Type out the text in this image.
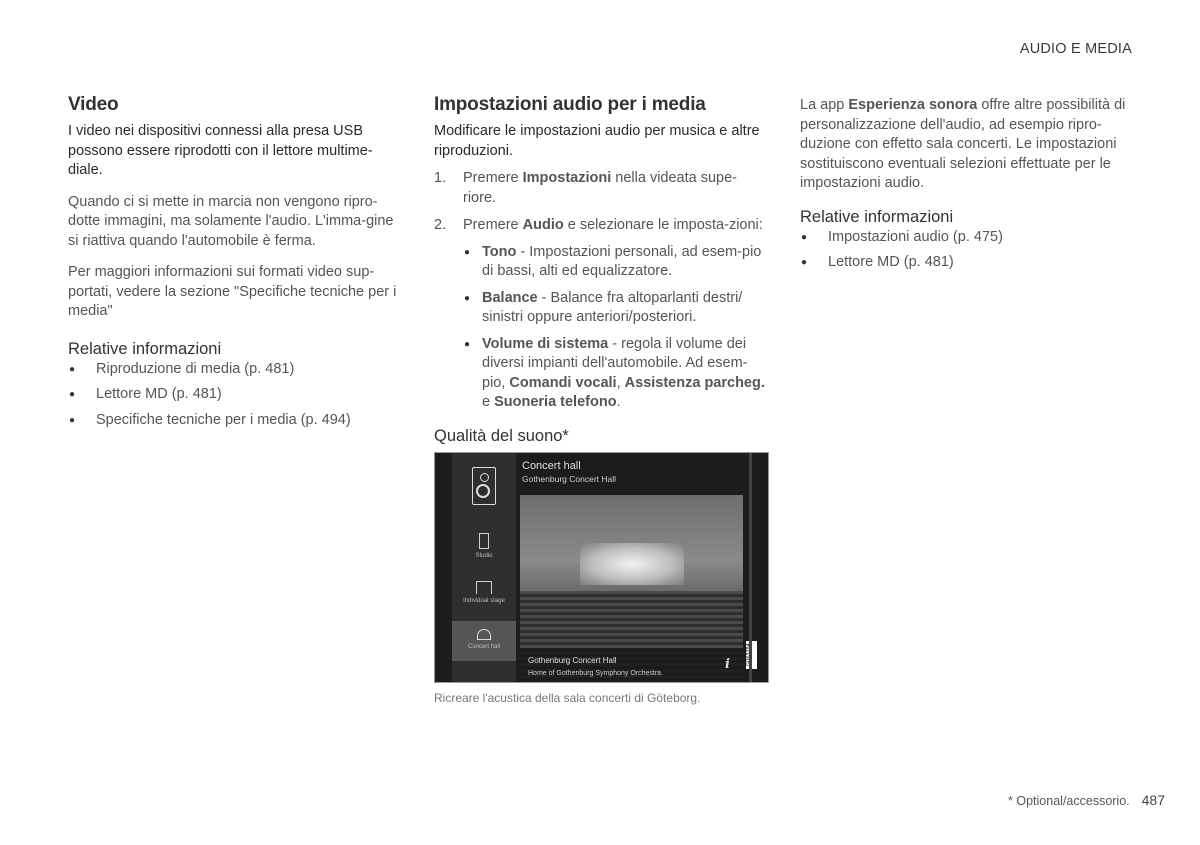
AUDIO E MEDIA
Video

I video nei dispositivi connessi alla presa USB possono essere riprodotti con il lettore multime-diale.

Quando ci si mette in marcia non vengono ripro-dotte immagini, ma solamente l'audio. L'imma-gine si riattiva quando l'automobile è ferma.

Per maggiori informazioni sui formati video sup-portati, vedere la sezione "Specifiche tecniche per i media"

Relative informazioni
● Riproduzione di media (p. 481)
● Lettore MD (p. 481)
● Specifiche tecniche per i media (p. 494)
Impostazioni audio per i media

Modificare le impostazioni audio per musica e altre riproduzioni.

1. Premere Impostazioni nella videata supe-riore.
2. Premere Audio e selezionare le imposta-zioni:
● Tono - Impostazioni personali, ad esem-pio di bassi, alti ed equalizzatore.
● Balance - Balance fra altoparlanti destri/ sinistri oppure anteriori/posteriori.
● Volume di sistema - regola il volume dei diversi impianti dell'automobile. Ad esem-pio, Comandi vocali, Assistenza parcheg. e Suoneria telefono.
Qualità del suono*
Studio
Individual stage
Concert hall
Concert hall
Gothenburg Concert Hall
Gothenburg Concert Hall
Home of Gothenburg Symphony Orchestra.
i
Ricreare l'acustica della sala concerti di Göteborg.

La app Esperienza sonora offre altre possibilità di personalizzazione dell'audio, ad esempio ripro-duzione con effetto sala concerti. Le impostazioni sostituiscono eventuali selezioni effettuate per le impostazioni audio.

Relative informazioni
● Impostazioni audio (p. 475)
● Lettore MD (p. 481)
* Optional/accessorio. 487
